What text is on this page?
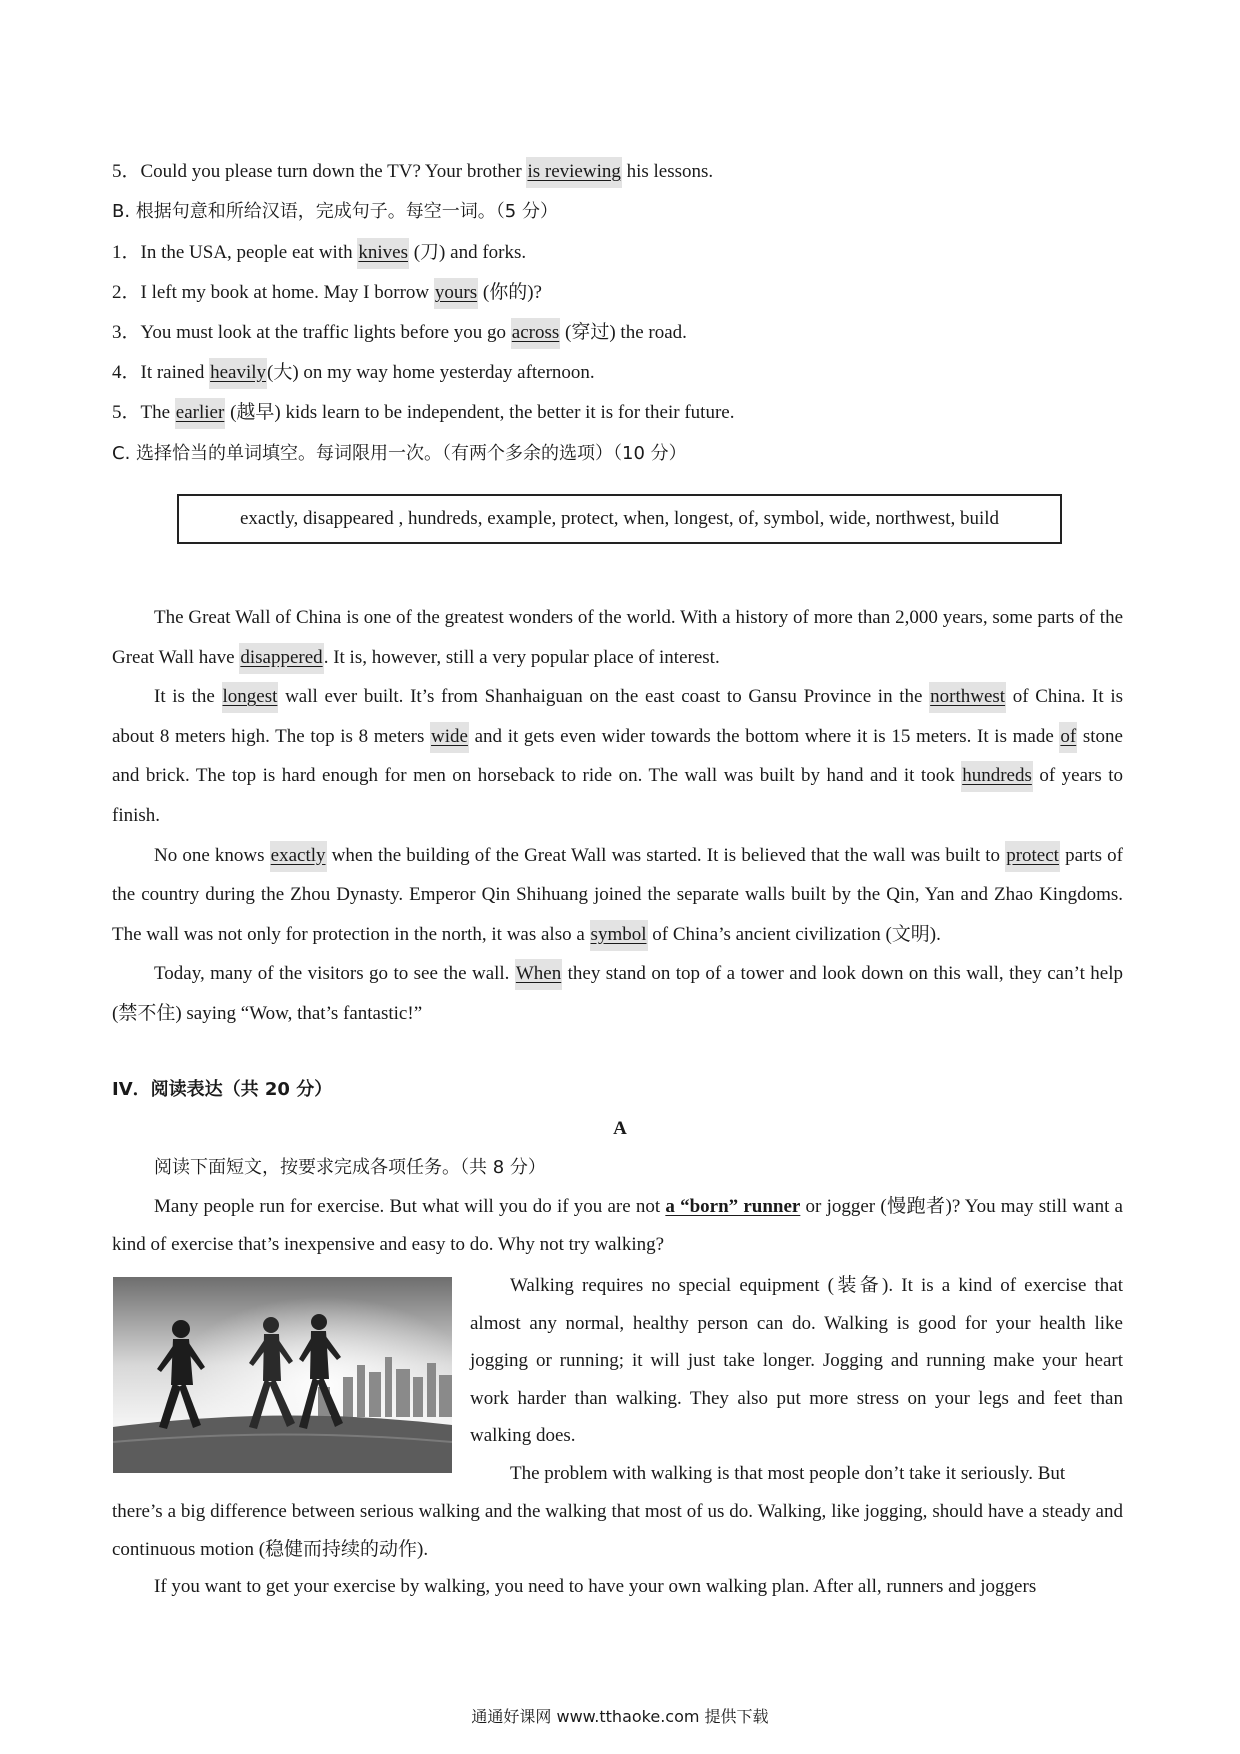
5．Could you please turn down the TV? Your brother is reviewing his lessons.
B. 根据句意和所给汉语，完成句子。每空一词。（5 分）
1．In the USA, people eat with knives (刀) and forks.
2．I left my book at home. May I borrow yours (你的)?
3．You must look at the traffic lights before you go across (穿过) the road.
4．It rained heavily(大) on my way home yesterday afternoon.
5．The earlier (越早) kids learn to be independent, the better it is for their future.
C. 选择恰当的单词填空。每词限用一次。（有两个多余的选项）（10 分）
exactly, disappeared , hundreds, example, protect, when, longest, of, symbol, wide, northwest, build

The Great Wall of China is one of the greatest wonders of the world. With a history of more than 2,000 years, some parts of the Great Wall have disappered. It is, however, still a very popular place of interest.

It is the longest wall ever built. It’s from Shanhaiguan on the east coast to Gansu Province in the northwest of China. It is about 8 meters high. The top is 8 meters wide and it gets even wider towards the bottom where it is 15 meters. It is made of stone and brick. The top is hard enough for men on horseback to ride on. The wall was built by hand and it took hundreds of years to finish.

No one knows exactly when the building of the Great Wall was started. It is believed that the wall was built to protect parts of the country during the Zhou Dynasty. Emperor Qin Shihuang joined the separate walls built by the Qin, Yan and Zhao Kingdoms. The wall was not only for protection in the north, it was also a symbol of China’s ancient civilization (文明).

Today, many of the visitors go to see the wall. When they stand on top of a tower and look down on this wall, they can’t help (禁不住) saying “Wow, that’s fantastic!”

IV．阅读表达（共 20 分）
A
阅读下面短文，按要求完成各项任务。（共 8 分）

Many people run for exercise. But what will you do if you are not a “born” runner or jogger (慢跑者)? You may still want a kind of exercise that’s inexpensive and easy to do. Why not try walking?

Walking requires no special equipment (装备). It is a kind of exercise that almost any normal, healthy person can do. Walking is good for your health like jogging or running; it will just take longer. Jogging and running make your heart work harder than walking. They also put more stress on your legs and feet than walking does.

The problem with walking is that most people don’t take it seriously. But

there’s a big difference between serious walking and the walking that most of us do. Walking, like jogging, should have a steady and continuous motion (稳健而持续的动作).

If you want to get your exercise by walking, you need to have your own walking plan. After all, runners and joggers

通通好课网 www.tthaoke.com 提供下载
